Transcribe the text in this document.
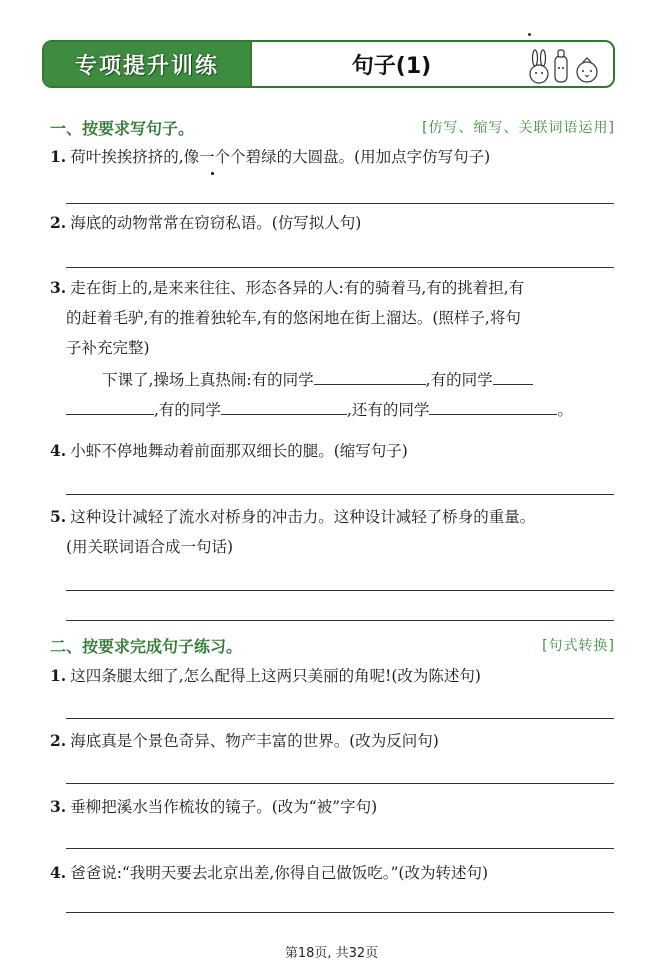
专项提升训练	句子(1)
一、按要求写句子。	[仿写、缩写、关联词语运用]
1. 荷叶挨挨挤挤的,像一个个碧绿的大圆盘。(用加点字仿写句子)
2. 海底的动物常常在窃窃私语。(仿写拟人句)
3. 走在街上的,是来来往往、形态各异的人:有的骑着马,有的挑着担,有
的赶着毛驴,有的推着独轮车,有的悠闲地在街上溜达。(照样子,将句
子补充完整)
下课了,操场上真热闹:有的同学	,有的同学
,有的同学	,还有的同学	。
4. 小虾不停地舞动着前面那双细长的腿。(缩写句子)
5. 这种设计减轻了流水对桥身的冲击力。这种设计减轻了桥身的重量。
(用关联词语合成一句话)
二、按要求完成句子练习。	[句式转换]
1. 这四条腿太细了,怎么配得上这两只美丽的角呢!(改为陈述句)
2. 海底真是个景色奇异、物产丰富的世界。(改为反问句)
3. 垂柳把溪水当作梳妆的镜子。(改为“被”字句)
4. 爸爸说:“我明天要去北京出差,你得自己做饭吃。”(改为转述句)
第18页, 共32页
